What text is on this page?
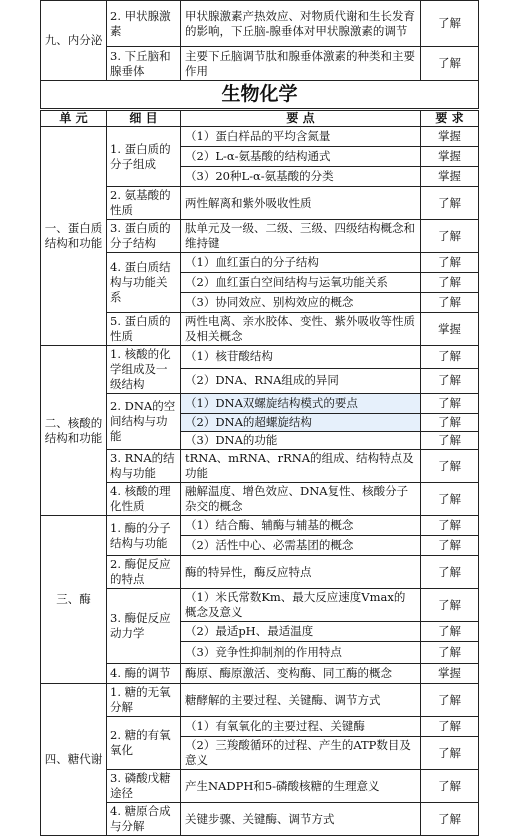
九、内分泌	2. 甲状腺激素	甲状腺激素产热效应、对物质代谢和生长发育的影响，下丘脑-腺垂体对甲状腺激素的调节	了解
	3. 下丘脑和腺垂体	主要下丘脑调节肽和腺垂体激素的种类和主要作用	了解
生物化学			
单 元	细 目	要 点	要 求
一、蛋白质结构和功能	1. 蛋白质的分子组成	（1）蛋白样品的平均含氮量	掌握
		（2）L-α-氨基酸的结构通式	掌握
		（3）20种L-α-氨基酸的分类	掌握
	2. 氨基酸的性质	两性解离和紫外吸收性质	了解
	3. 蛋白质的分子结构	肽单元及一级、二级、三级、四级结构概念和维持键	了解
	4. 蛋白质结构与功能关系	（1）血红蛋白的分子结构	了解
		（2）血红蛋白空间结构与运氧功能关系	了解
		（3）协同效应、别构效应的概念	了解
	5. 蛋白质的性质	两性电离、亲水胶体、变性、紫外吸收等性质及相关概念	掌握
二、核酸的结构和功能	1. 核酸的化学组成及一级结构	（1）核苷酸结构	了解
		（2）DNA、RNA组成的异同	了解
	2. DNA的空间结构与功能	（1）DNA双螺旋结构模式的要点	了解
		（2）DNA的超螺旋结构	了解
		（3）DNA的功能	了解
	3. RNA的结构与功能	tRNA、mRNA、rRNA的组成、结构特点及功能	了解
	4. 核酸的理化性质	融解温度、增色效应、DNA复性、核酸分子杂交的概念	了解
三、酶	1. 酶的分子结构与功能	（1）结合酶、辅酶与辅基的概念	了解
		（2）活性中心、必需基团的概念	了解
	2. 酶促反应的特点	酶的特异性，酶反应特点	了解
	3. 酶促反应动力学	（1）米氏常数Km、最大反应速度Vmax的概念及意义	了解
		（2）最适pH、最适温度	了解
		（3）竞争性抑制剂的作用特点	了解
	4. 酶的调节	酶原、酶原激活、变构酶、同工酶的概念	掌握
四、糖代谢	1. 糖的无氧分解	糖酵解的主要过程、关键酶、调节方式	了解
	2. 糖的有氧氧化	（1）有氧氧化的主要过程、关键酶	了解
		（2）三羧酸循环的过程、产生的ATP数目及意义	了解
	3. 磷酸戊糖途径	产生NADPH和5-磷酸核糖的生理意义	了解
	4. 糖原合成与分解	关键步骤、关键酶、调节方式	了解
